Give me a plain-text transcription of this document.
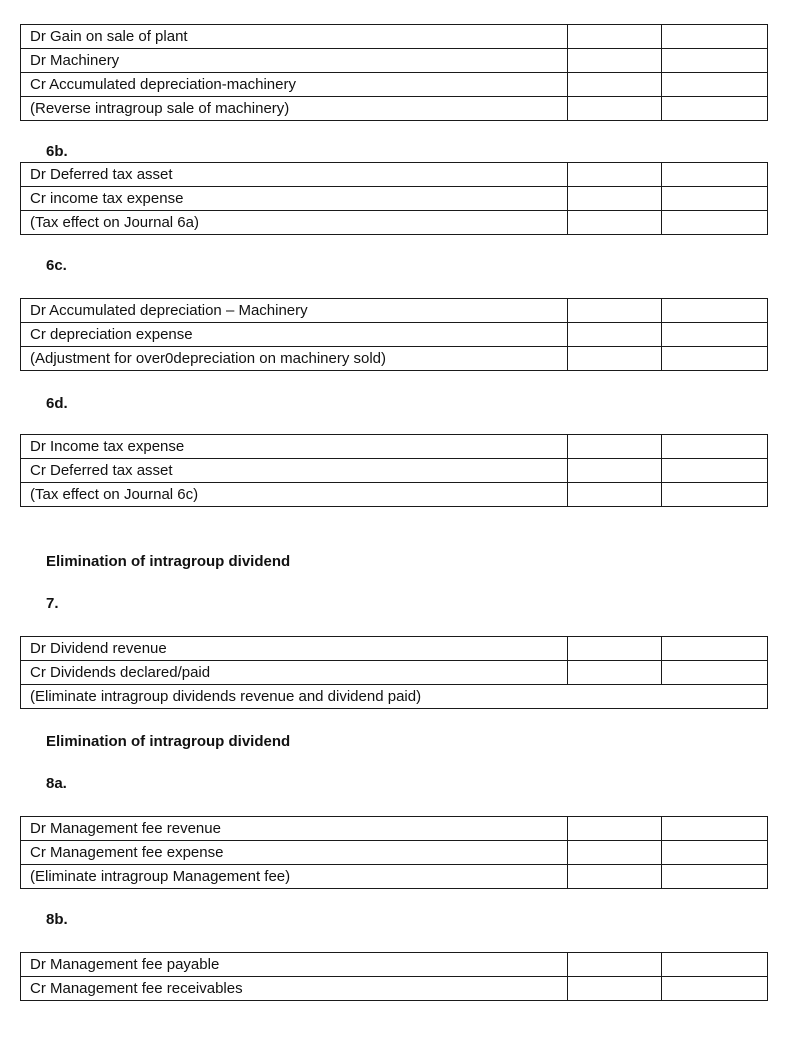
Dr Gain on sale of plant		
Dr Machinery		
Cr Accumulated depreciation-machinery		
(Reverse intragroup sale of machinery)		

6b.

Dr Deferred tax asset		
Cr income tax expense		
(Tax effect on Journal 6a)		

6c.

Dr Accumulated depreciation – Machinery		
Cr depreciation expense		
(Adjustment for over0depreciation on machinery sold)		

6d.

Dr Income tax expense		
Cr Deferred tax asset		
(Tax effect on Journal 6c)		

Elimination of intragroup dividend

7.

Dr Dividend revenue		
Cr Dividends declared/paid		
(Eliminate intragroup dividends revenue and dividend paid)		

Elimination of intragroup dividend

8a.

Dr Management fee revenue		
Cr Management fee expense		
(Eliminate intragroup Management fee)		

8b.

Dr Management fee payable		
Cr Management fee receivables		
